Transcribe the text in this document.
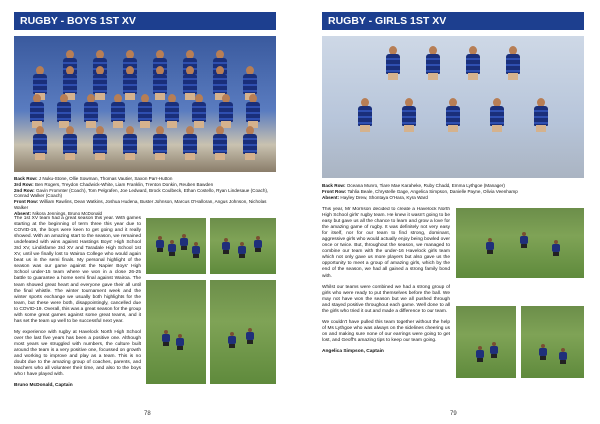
RUGBY - BOYS 1ST XV
Back Row: J Nuku-Stone, Ollie Sowman, Thomas Vautier, Saxon Parr-Hutton
3rd Row: Ben Rogers, Treydon Chadwick-White, Liam Franklin, Trenton Donkin, Reuben Bawden
2nd Row: Gavin Fromnter (Coach), Tom Pelgrafen, Joe Ledward, Brock Coulbeck, Ethan Costello, Ryan Lindesaue (Coach), Conrad Walker (Coach)
Front Row: William Rawlins, Dean Watkins, Joshua Hudena, Buster Johnson, Marcus O'Halloran, Angus Johnson, Nicholas Walker
Absent: Nikora Jennings, Bruno McDonald

The 1st XV team had a great season this year. With games starting at the beginning of term three this year due to COVID-19, the boys were keen to get going and it really showed. With an amazing start to the season, we remained undefeated with wins against Hastings Boys' High School 3rd XV, Lindisfarne 3rd XV and Taradale High School 1st XV, until we finally lost to Wairoa College who would again beat us in the semi finals. My personal highlight of the season was our game against the Napier Boys' High School under-15 team where we won in a close 26-25 battle to guarantee a home semi final against Wairoa. The team showed great heart and everyone gave their all until the final whistle. The winter tournament week and the winter sports exchange we usually both highlights for the team, but these were both, disappointingly, cancelled due to COVID-19. Overall, this was a great season for the group with some great games against some great teams, and it has set the team up well to be successful next year.

My experience with rugby at Havelock North High School over the last five years has been a positive one. Although most years we struggled with numbers, the culture built around the team is a very positive one, focussed on growth and working to improve and play as a team. This is no doubt due to the amazing group of coaches, parents, and teachers who all volunteer their time, and also to the boys who I have played with.

Bruno McDonald, Captain

78
RUGBY - GIRLS 1ST XV
Back Row: Oceana Munro, Tiare Mae Karaheke, Ruby Chadd, Emma Lythgoe (Manager)
Front Row: Tahlia Beale, Chrystelle Gage, Angelica Simpson, Danielle Payne, Olivia Veenhamp
Absent: Hayley Drew, Shontaya O'Hara, Kyra Ward

This year, Mr Morrison decided to create a Havelock North High School girls' rugby team. He knew it wasn't going to be easy but gave us all the chance to learn and grow a love for the amazing game of rugby. It was definitely not very easy for itself, nor for our team to find strong, dominant, aggressive girls who would actually enjoy being bowled over once or twice. But, throughout the season, we managed to combine our team with the under-16 Havelock girls team which not only gave us more players but also gave us the opportunity to meet a group of amazing girls, which by the end of the season, we had all gained a strong family bond with.

Whilst our teams were combined we had a strong group of girls who were ready to put themselves before the ball. We may not have won the season but we all pushed through and stayed positive throughout each game. Well done to all the girls who tried it out and made a difference to our team.

We couldn't have pulled this team together without the help of Ms Lythgoe who was always on the sidelines cheering us on and making sure none of our earrings were going to get lost, and Geoff's amazing tips to keep our team going.

Angelica Simpson, Captain

79
